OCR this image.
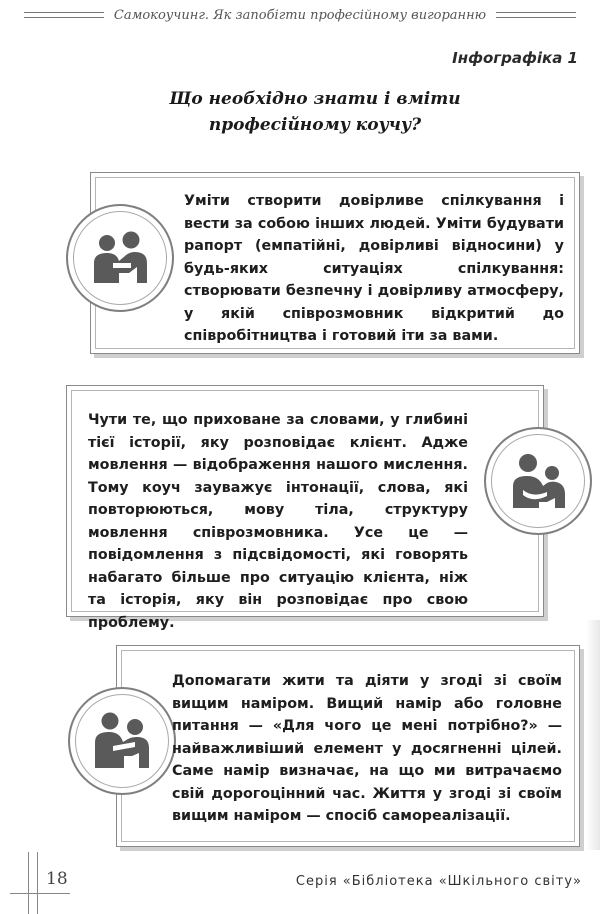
Самокоучинг. Як запобігти професійному вигоранню
Інфографіка 1
Що необхідно знати і вміти
професійному коучу?

Уміти створити довірливе спілкування і вести за собою інших людей. Уміти будувати рапорт (емпатійні, довірливі відносини) у будь-яких ситуаціях спілкування: створювати безпечну і довірливу атмосферу, у якій співрозмовник відкритий до співробітництва і готовий іти за вами.

Чути те, що приховане за словами, у глибині тієї історії, яку розповідає клієнт. Адже мовлення — відображення нашого мислення. Тому коуч зауважує інтонації, слова, які повторюються, мову тіла, структуру мовлення співрозмовника. Усе це — повідомлення з підсвідомості, які говорять набагато більше про ситуацію клієнта, ніж та історія, яку він розповідає про свою проблему.

Допомагати жити та діяти у згоді зі своїм вищим наміром. Вищий намір або головне питання — «Для чого це мені потрібно?» — найважливіший елемент у досягненні цілей. Саме намір визначає, на що ми витрачаємо свій дорогоцінний час. Життя у згоді зі своїм вищим наміром — спосіб самореалізації.

18	Серія «Бібліотека «Шкільного світу»
